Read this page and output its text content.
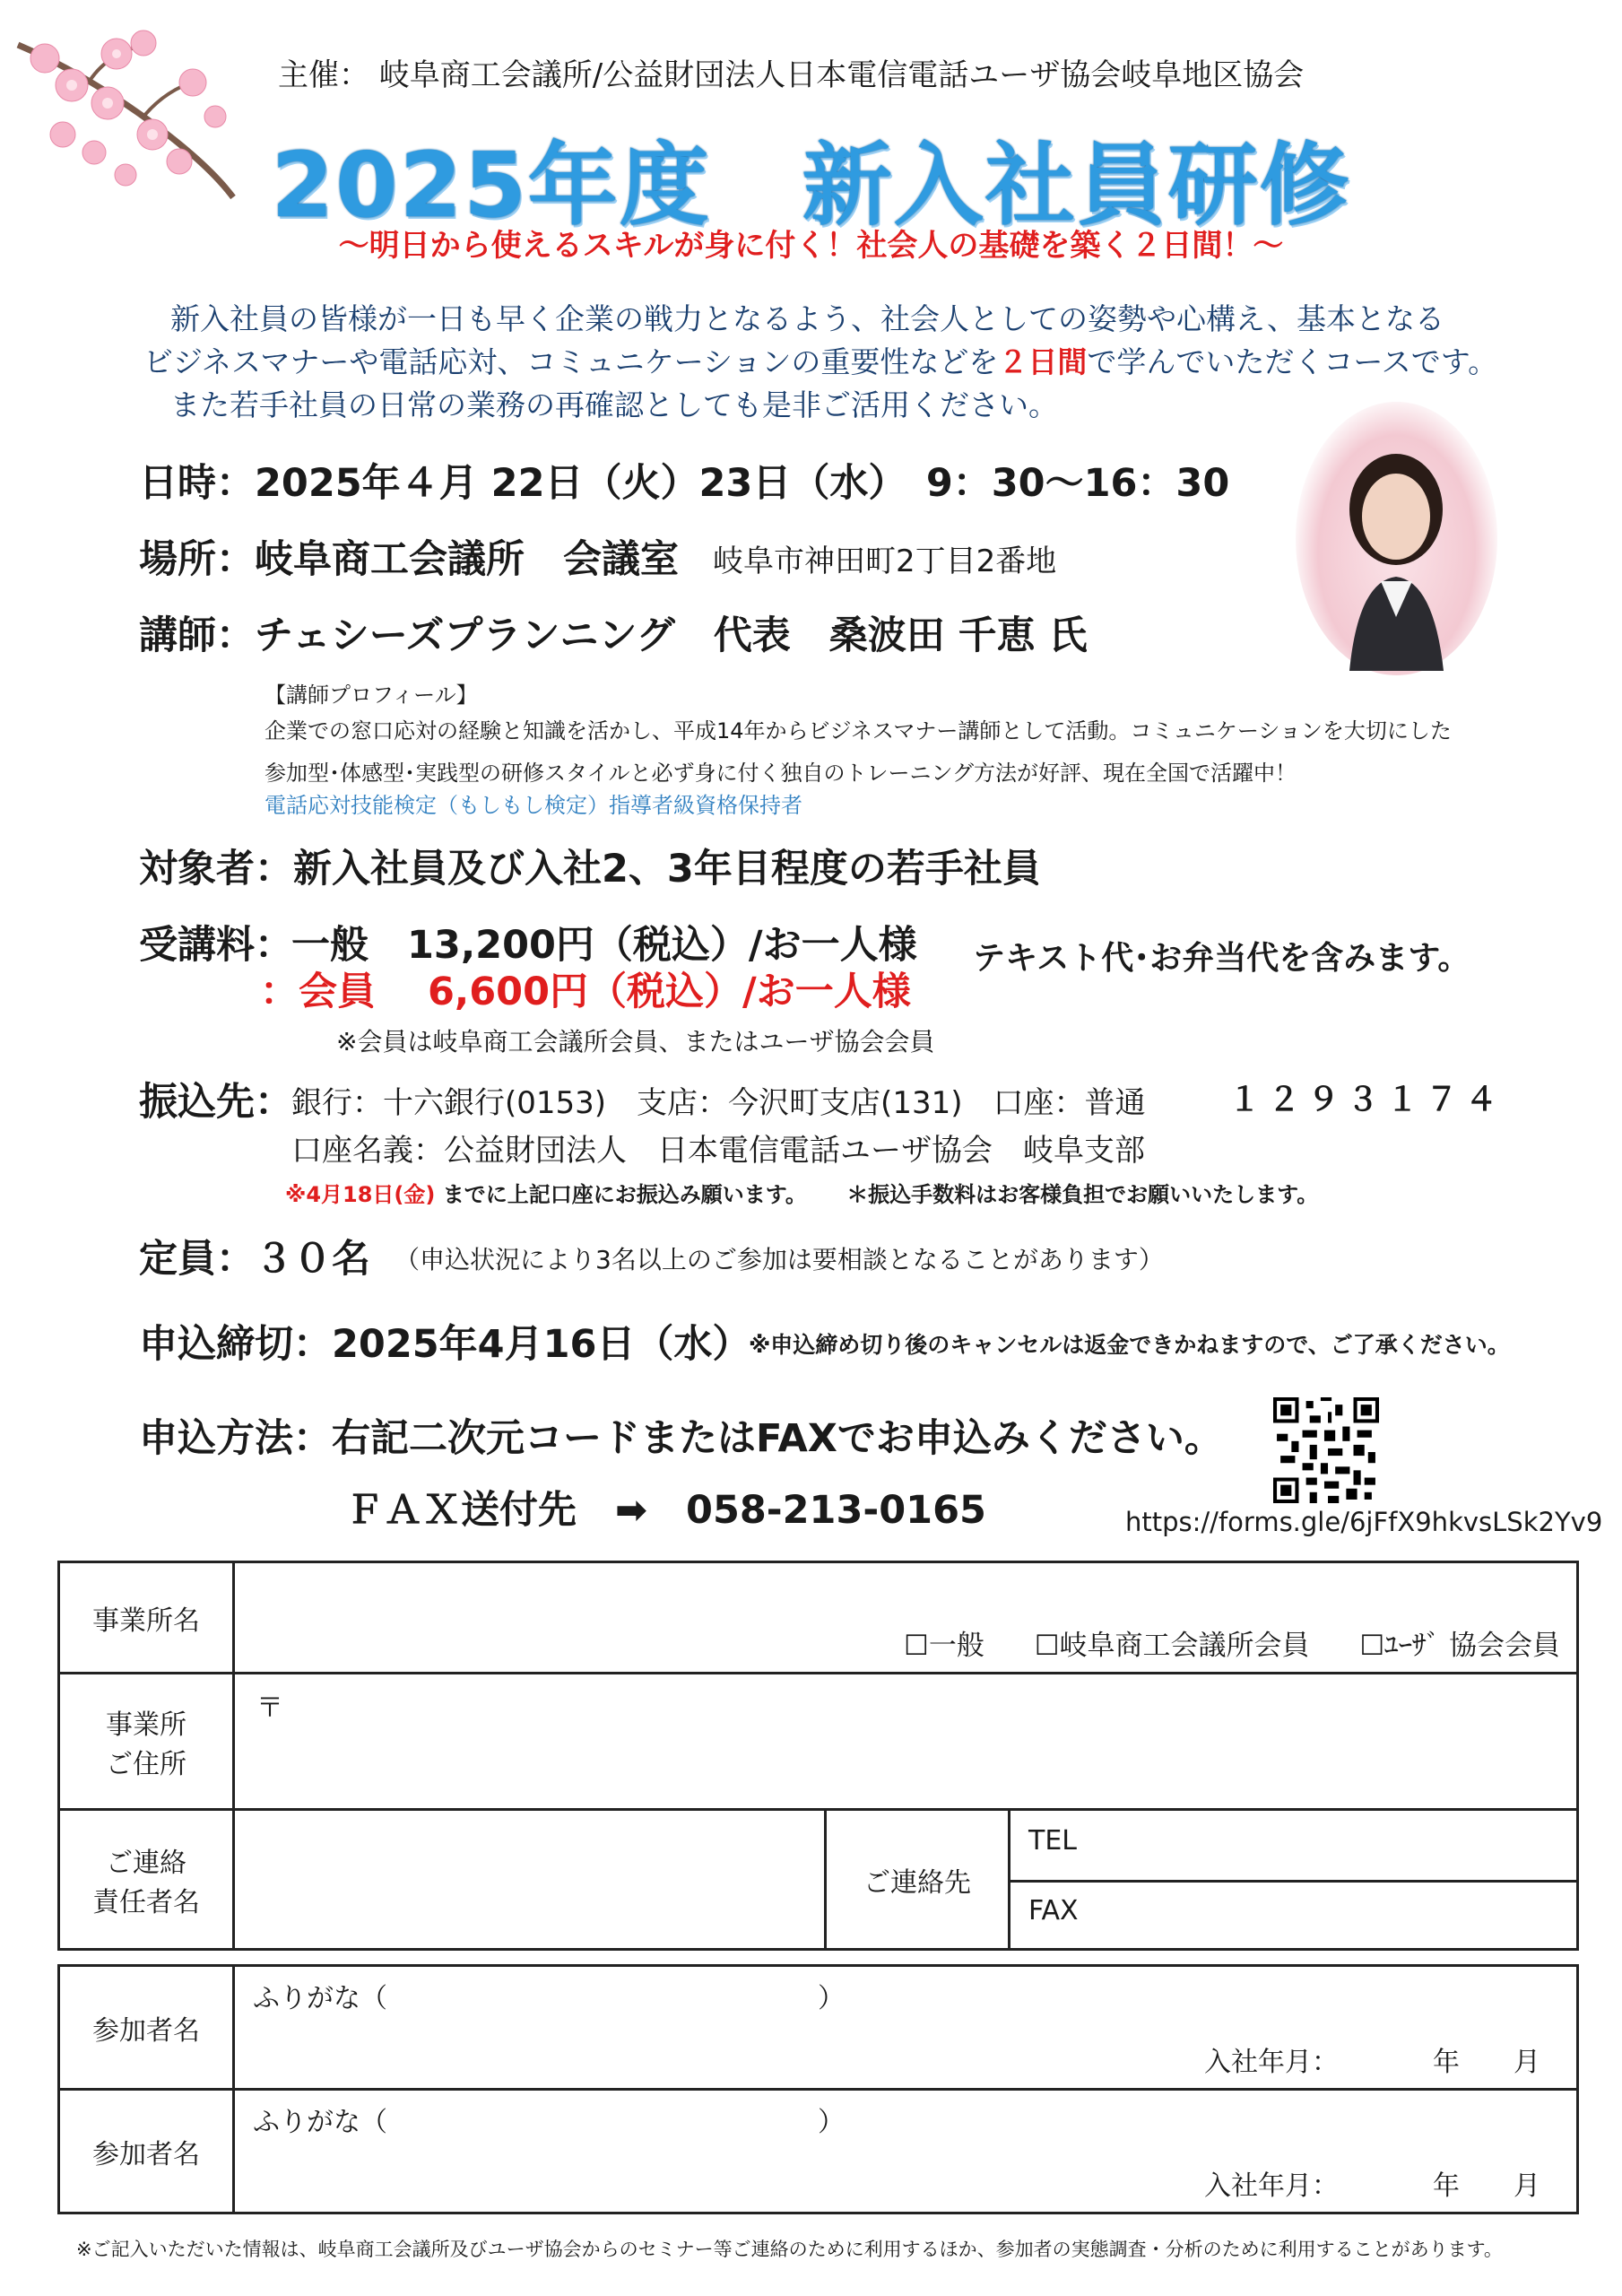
主催： 岐阜商工会議所/公益財団法人日本電信電話ユーザ協会岐阜地区協会
2025年度　新入社員研修
～明日から使えるスキルが身に付く！社会人の基礎を築く２日間！～
新入社員の皆様が一日も早く企業の戦力となるよう、社会人としての姿勢や心構え、基本となる
ビジネスマナーや電話応対、コミュニケーションの重要性などを２日間で学んでいただくコースです。
また若手社員の日常の業務の再確認としても是非ご活用ください。
日時：2025年４月 22日（火）23日（水）　9：30～16：30
場所：岐阜商工会議所　会議室 岐阜市神田町2丁目2番地
講師：チェシーズプランニング　代表　桑波田 千恵 氏
【講師プロフィール】
企業での窓口応対の経験と知識を活かし、平成14年からビジネスマナー講師として活動。コミュニケーションを大切にした
参加型･体感型･実践型の研修スタイルと必ず身に付く独自のトレーニング方法が好評、現在全国で活躍中！
電話応対技能検定（もしもし検定）指導者級資格保持者
対象者：新入社員及び入社2、3年目程度の若手社員
受講料：
一般　13,200円（税込）/お一人様
：会員　 6,600円（税込）/お一人様
テキスト代･お弁当代を含みます。
※会員は岐阜商工会議所会員、またはユーザ協会会員
振込先：
銀行：十六銀行(0153)　支店：今沢町支店(131)　口座：普通	１２９３１７４
口座名義：公益財団法人　日本電信電話ユーザ協会　岐阜支部
※4月18日(金) までに上記口座にお振込み願います。 ＊振込手数料はお客様負担でお願いいたします。
定員：３０名 （申込状況により3名以上のご参加は要相談となることがあります）
申込締切：2025年4月16日（水）
※申込締め切り後のキャンセルは返金できかねますので、ご了承ください。
申込方法：右記二次元コードまたはFAXでお申込みください。
ＦＡＸ送付先　➡　058-213-0165	https://forms.gle/6jFfX9hkvsLSk2Yv9
事業所名	☐一般 ☐岐阜商工会議所会員 ☐ﾕｰｻﾞ 協会会員		

事業所
ご住所	〒		

ご連絡
責任者名		ご連絡先	TEL
			FAX
参加者名	ふりがな（　　　　　　　　　　　　　　　　）
入社年月：　　　　年　　月

参加者名	ふりがな（　　　　　　　　　　　　　　　　）
入社年月：　　　　年　　月
※ご記入いただいた情報は、岐阜商工会議所及びユーザ協会からのセミナー等ご連絡のために利用するほか、参加者の実態調査・分析のために利用することがあります。
